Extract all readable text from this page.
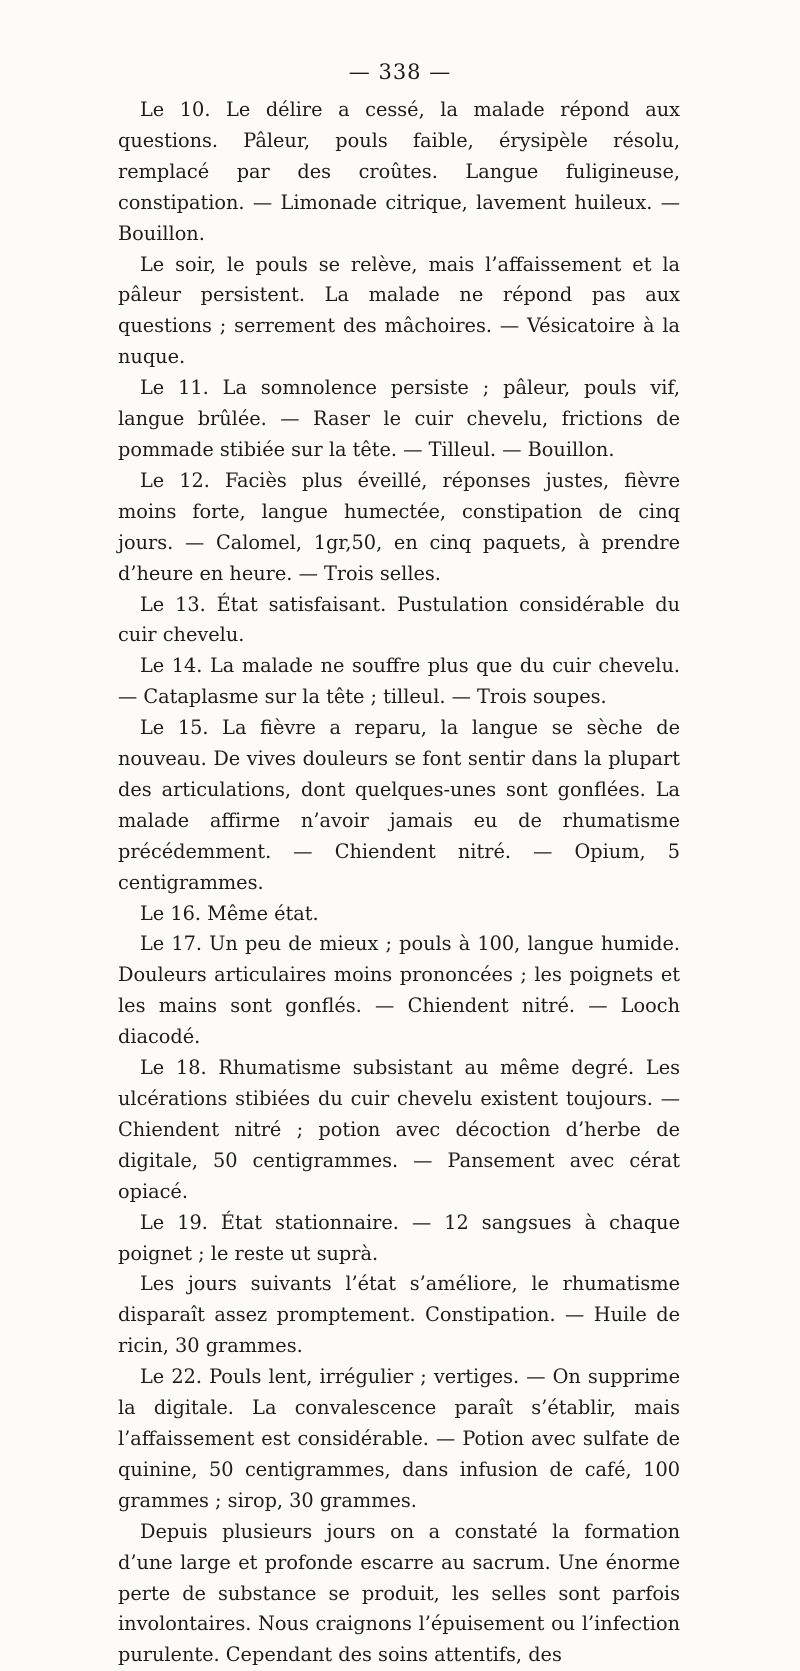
— 338 —

Le 10. Le délire a cessé, la malade répond aux questions. Pâleur, pouls faible, érysipèle résolu, remplacé par des croûtes. Langue fuligineuse, constipation. — Limonade citrique, lavement huileux. — Bouillon.

Le soir, le pouls se relève, mais l’affaissement et la pâleur persistent. La malade ne répond pas aux questions ; serrement des mâchoires. — Vésicatoire à la nuque.

Le 11. La somnolence persiste ; pâleur, pouls vif, langue brûlée. — Raser le cuir chevelu, frictions de pommade stibiée sur la tête. — Tilleul. — Bouillon.

Le 12. Faciès plus éveillé, réponses justes, fièvre moins forte, langue humectée, constipation de cinq jours. — Calomel, 1gr,50, en cinq paquets, à prendre d’heure en heure. — Trois selles.

Le 13. État satisfaisant. Pustulation considérable du cuir chevelu.

Le 14. La malade ne souffre plus que du cuir chevelu. — Cataplasme sur la tête ; tilleul. — Trois soupes.

Le 15. La fièvre a reparu, la langue se sèche de nouveau. De vives douleurs se font sentir dans la plupart des articulations, dont quelques-unes sont gonflées. La malade affirme n’avoir jamais eu de rhumatisme précédemment. — Chiendent nitré. — Opium, 5 centigrammes.

Le 16. Même état.

Le 17. Un peu de mieux ; pouls à 100, langue humide. Douleurs articulaires moins prononcées ; les poignets et les mains sont gonflés. — Chiendent nitré. — Looch diacodé.

Le 18. Rhumatisme subsistant au même degré. Les ulcérations stibiées du cuir chevelu existent toujours. — Chiendent nitré ; potion avec décoction d’herbe de digitale, 50 centigrammes. — Pansement avec cérat opiacé.

Le 19. État stationnaire. — 12 sangsues à chaque poignet ; le reste ut suprà.

Les jours suivants l’état s’améliore, le rhumatisme disparaît assez promptement. Constipation. — Huile de ricin, 30 grammes.

Le 22. Pouls lent, irrégulier ; vertiges. — On supprime la digitale. La convalescence paraît s’établir, mais l’affaissement est considérable. — Potion avec sulfate de quinine, 50 centigrammes, dans infusion de café, 100 grammes ; sirop, 30 grammes.

Depuis plusieurs jours on a constaté la formation d’une large et profonde escarre au sacrum. Une énorme perte de substance se produit, les selles sont parfois involontaires. Nous craignons l’épuisement ou l’infection purulente. Cependant des soins attentifs, des
